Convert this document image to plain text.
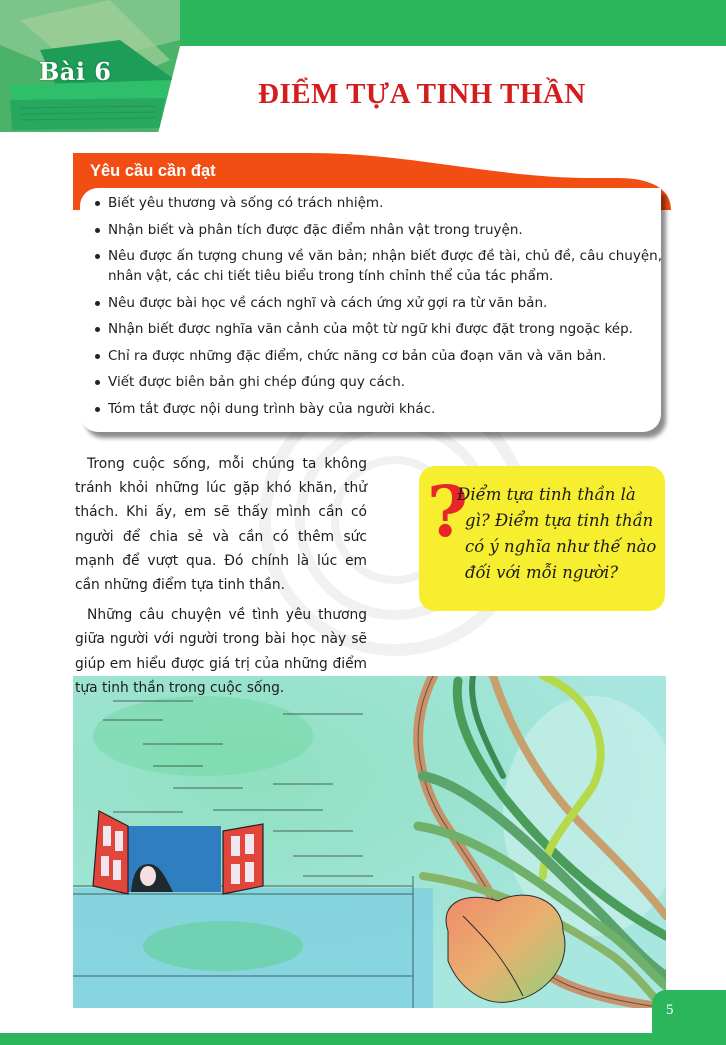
Bài 6
ĐIỂM TỰA TINH THẦN
Yêu cầu cần đạt
Biết yêu thương và sống có trách nhiệm.
Nhận biết và phân tích được đặc điểm nhân vật trong truyện.
Nêu được ấn tượng chung về văn bản; nhận biết được đề tài, chủ đề, câu chuyện, nhân vật, các chi tiết tiêu biểu trong tính chỉnh thể của tác phẩm.
Nêu được bài học về cách nghĩ và cách ứng xử gợi ra từ văn bản.
Nhận biết được nghĩa văn cảnh của một từ ngữ khi được đặt trong ngoặc kép.
Chỉ ra được những đặc điểm, chức năng cơ bản của đoạn văn và văn bản.
Viết được biên bản ghi chép đúng quy cách.
Tóm tắt được nội dung trình bày của người khác.

Trong cuộc sống, mỗi chúng ta không tránh khỏi những lúc gặp khó khăn, thử thách. Khi ấy, em sẽ thấy mình cần có người để chia sẻ và cần có thêm sức mạnh để vượt qua. Đó chính là lúc em cần những điểm tựa tinh thần.

Những câu chuyện về tình yêu thương giữa người với người trong bài học này sẽ giúp em hiểu được giá trị của những điểm tựa tinh thần trong cuộc sống.

?
Điểm tựa tinh thần là
gì? Điểm tựa tinh thần
có ý nghĩa như thế nào
đối với mỗi người?
5
